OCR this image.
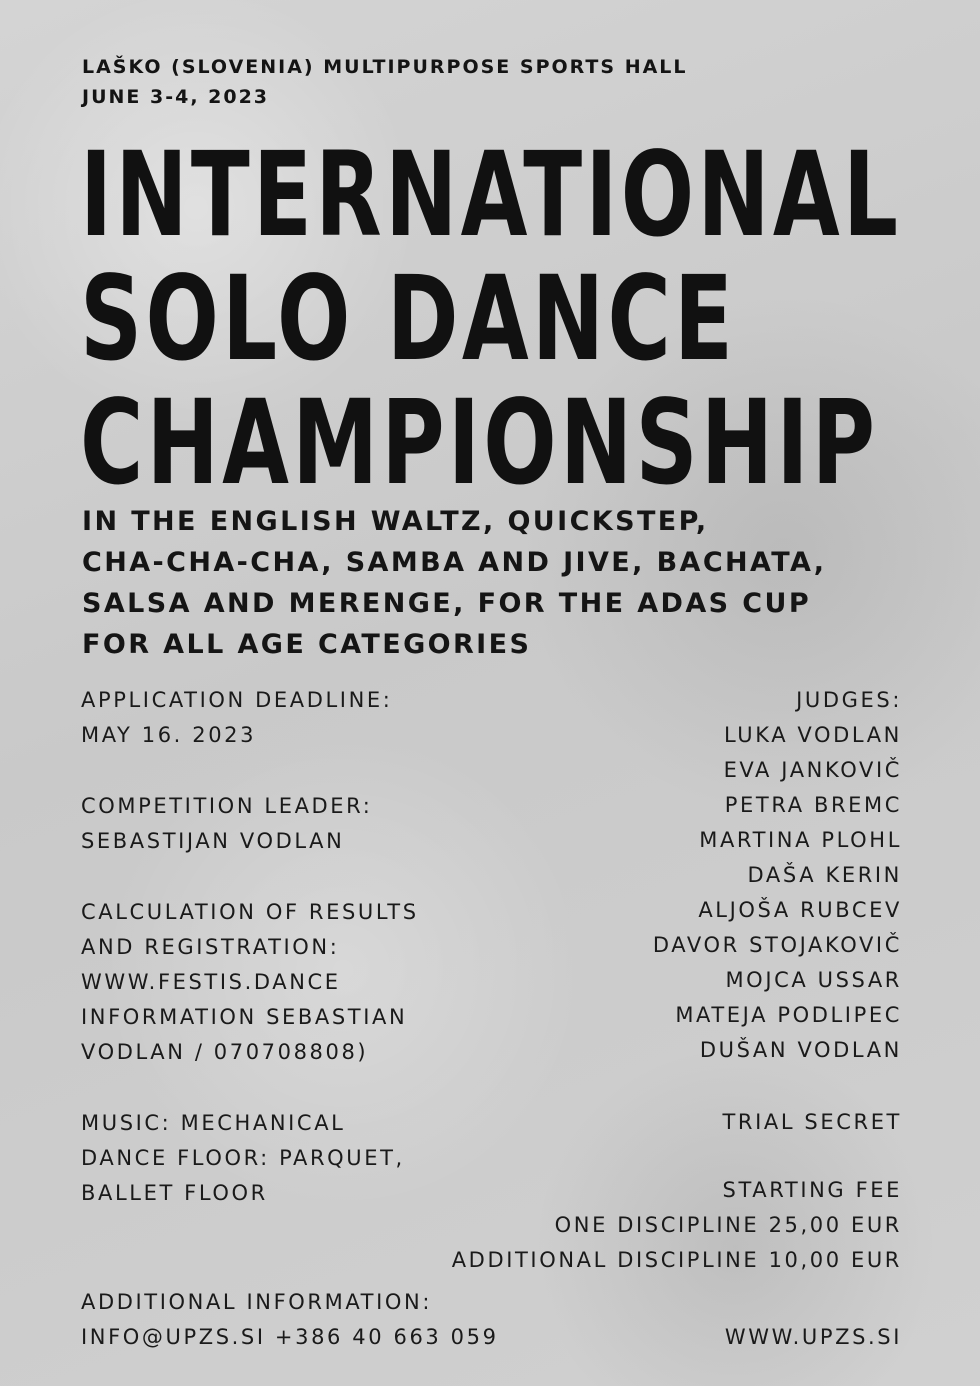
LAŠKO (SLOVENIA) MULTIPURPOSE SPORTS HALL

JUNE 3-4, 2023

INTERNATIONAL

SOLO DANCE

CHAMPIONSHIP

IN THE ENGLISH WALTZ, QUICKSTEP,

CHA-CHA-CHA, SAMBA AND JIVE, BACHATA,

SALSA AND MERENGE, FOR THE ADAS CUP

FOR ALL AGE CATEGORIES

APPLICATION DEADLINE:

MAY 16. 2023

COMPETITION LEADER:

SEBASTIJAN VODLAN

CALCULATION OF RESULTS

AND REGISTRATION:

WWW.FESTIS.DANCE

INFORMATION SEBASTIAN

VODLAN / 070708808)

MUSIC: MECHANICAL

DANCE FLOOR: PARQUET,

BALLET FLOOR

ADDITIONAL INFORMATION:

INFO@UPZS.SI +386 40 663 059

JUDGES:

LUKA VODLAN

EVA JANKOVIČ

PETRA BREMC

MARTINA PLOHL

DAŠA KERIN

ALJOŠA RUBCEV

DAVOR STOJAKOVIČ

MOJCA USSAR

MATEJA PODLIPEC

DUŠAN VODLAN

TRIAL SECRET

STARTING FEE

ONE DISCIPLINE 25,00 EUR

ADDITIONAL DISCIPLINE 10,00 EUR

WWW.UPZS.SI
